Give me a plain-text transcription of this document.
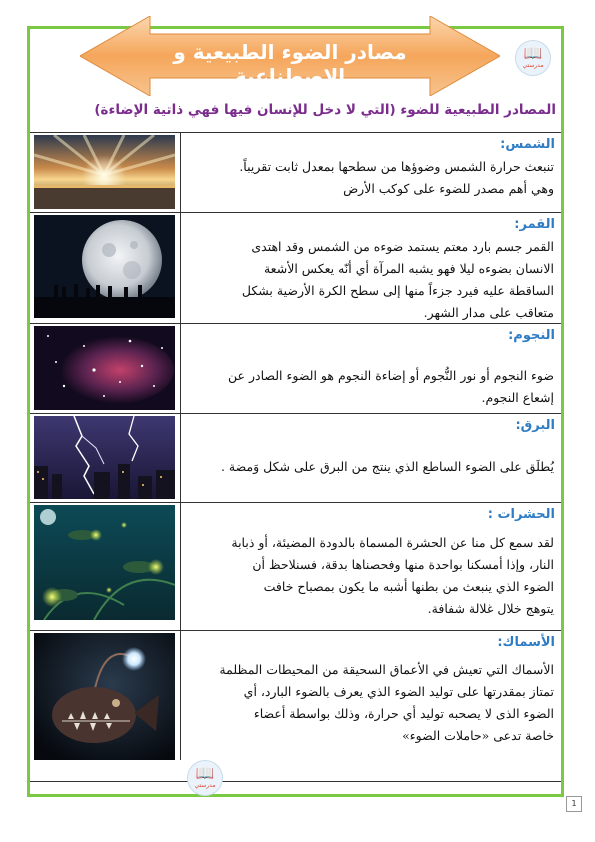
مصادر الضوء الطبيعية و الاصطناعية
📖
مدرستي
المصادر الطبيعية للضوء (التي لا دخل للإنسان فيها فهي ذاتية الإضاءة)
الشمس:
تنبعث حرارة الشمس وضوؤها من سطحها بمعدل ثابت تقريباً.
وهي أهم مصدر للضوء على كوكب الأرض
القمر:
القمر جسم بارد معتم يستمد ضوءه من الشمس وقد اهتدى
الانسان بضوءه ليلا فهو يشبه المرآة أي أنّه يعكس الأشعة
الساقطة عليه فيرد جزءاً منها إلى سطح الكرة الأرضية بشكل
متعاقب على مدار الشهر.
النجوم:
ضوء النجوم أو نور النُّجوم أو إضاءة النجوم هو الضوء الصادر عن
إشعاع النجوم.
البرق:
يُطلَق على الضوء الساطع الذي ينتج من البرق على شكل وَمضة .
الحشرات :
لقد سمع كل منا عن الحشرة المسماة بالدودة المضيئة، أو ذبابة
النار، وإذا أمسكنا بواحدة منها وفحصناها بدقة، فسنلاحظ أن
الضوء الذي ينبعث من بطنها أشبه ما يكون بمصباح خافت
يتوهج خلال غلالة شفافة.
الأسماك:
الأسماك التي تعيش في الأعماق السحيقة من المحيطات المظلمة
تمتاز بمقدرتها على توليد الضوء الذي يعرف بالضوء البارد، أي
الضوء الذى لا يصحبه توليد أي حرارة، وذلك بواسطة أعضاء
خاصة تدعى «حاملات الضوء»
📖
مدرستي
1
